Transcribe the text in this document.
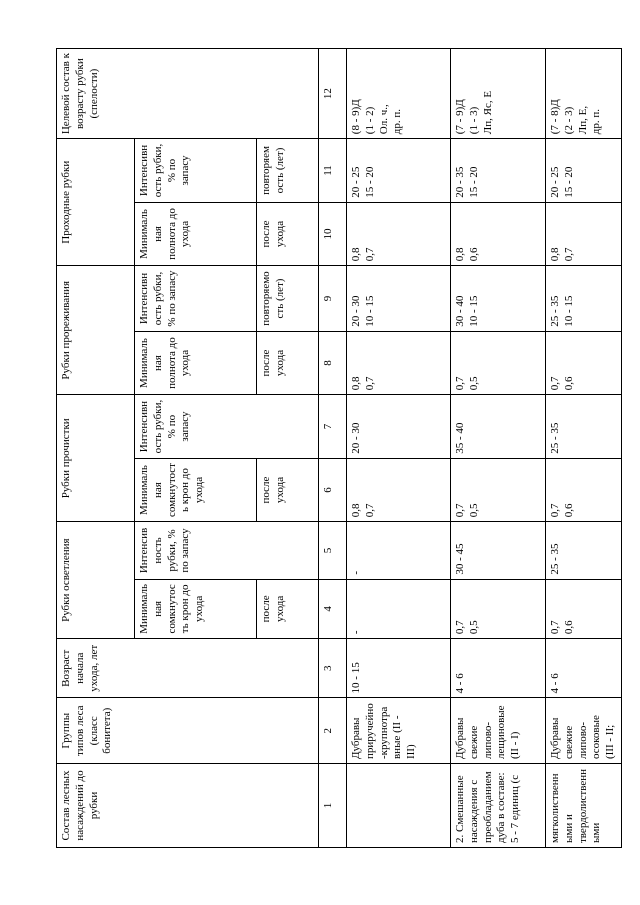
Состав лесных насаждений до рубки	Группы типов леса (класс бонитета)	Возраст начала ухода, лет	Рубки осветления		Рубки прочистки		Рубки прореживания		Проходные рубки		Целевой состав к возрасту рубки (спелости)
			Минимальная сомкнутость крон до ухода	Интенсивность рубки, % по запасу	Минимальная сомкнутость крон до ухода	Интенсивность рубки, % по запасу	Минимальная полнота до ухода	Интенсивность рубки, % по запасу	Минимальная полнота до ухода	Интенсивность рубки, % по запасу	
			после ухода		после ухода		после ухода	повторяемость (лет)	после ухода	повторяемость (лет)	
1	2	3	4	5	6	7	8	9	10	11	12
	Дубравы приручейно-крупнотравные (II - III)	10 - 15	-	-	0,8 0,7	20 - 30	0,8 0,7	20 - 30 10 - 15	0,8 0,7	20 - 25 15 - 20	(8 - 9)Д (1 - 2) Ол. ч., др. п.

2. Смешанные насаждения с преобладанием дуба в составе: 5 - 7 единиц (с	Дубравы свежие липово-лещиновые (II - I)	4 - 6	0,7 0,5	30 - 45	0,7 0,5	35 - 40	0,7 0,5	30 - 40 10 - 15	0,8 0,6	20 - 35 15 - 20	(7 - 9)Д (1 - 3) Лп, Яс, Е

мягколиственными и твердолиственными	Дубравы свежие липово-осоковые (III - II;	4 - 6	0,7 0,6	25 - 35	0,7 0,6	25 - 35	0,7 0,6	25 - 35 10 - 15	0,8 0,7	20 - 25 15 - 20	(7 - 8)Д (2 - 3) Лп, Е, др. п.
